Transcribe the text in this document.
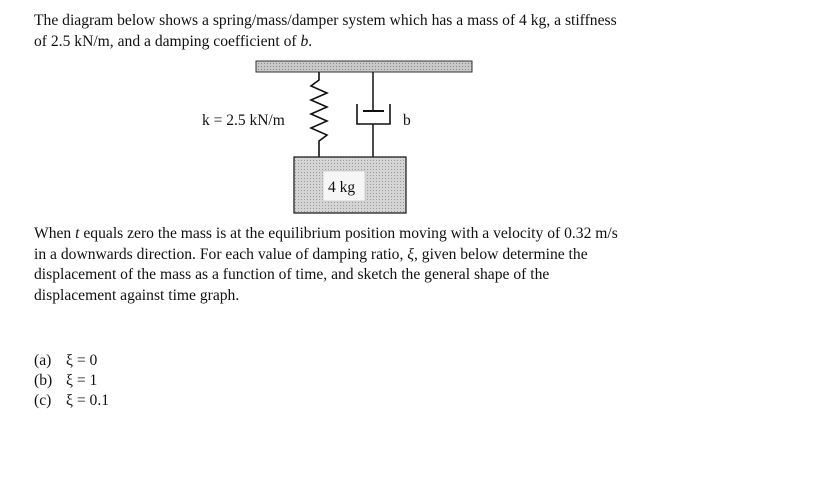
The diagram below shows a spring/mass/damper system which has a mass of 4 kg, a stiffness
of 2.5 kN/m, and a damping coefficient of b.

k = 2.5 kN/m	b
4 kg

When t equals zero the mass is at the equilibrium position moving with a velocity of 0.32 m/s
in a downwards direction. For each value of damping ratio, ξ, given below determine the
displacement of the mass as a function of time, and sketch the general shape of the
displacement against time graph.

(a) ξ = 0
(b) ξ = 1
(c) ξ = 0.1
